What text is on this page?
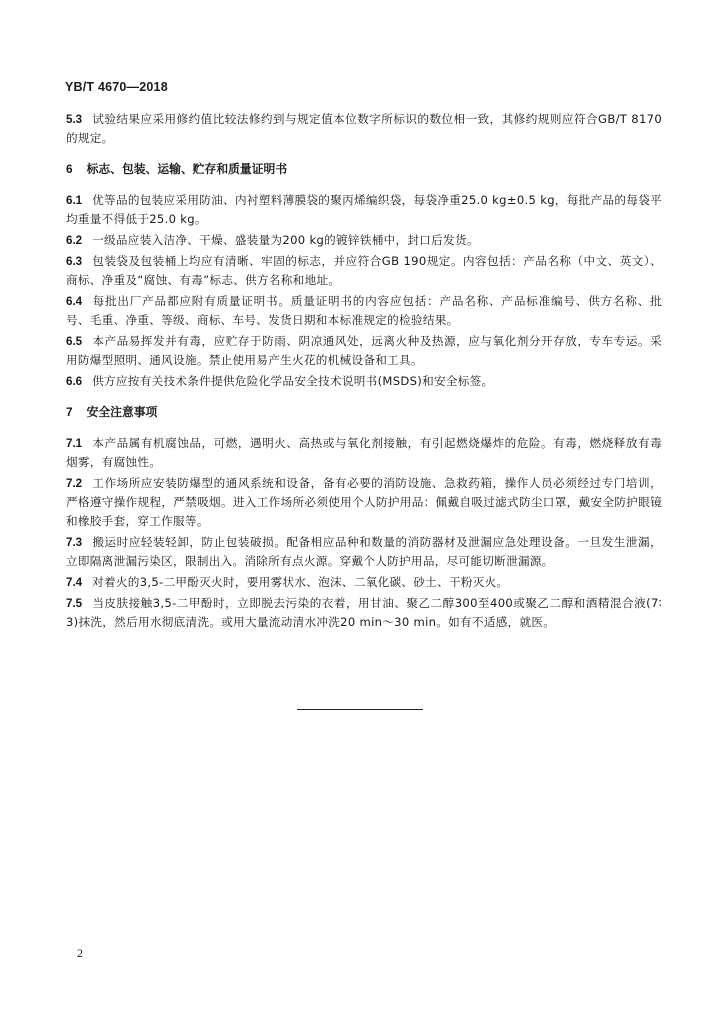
YB/T 4670—2018
5.3 试验结果应采用修约值比较法修约到与规定值本位数字所标识的数位相一致，其修约规则应符合GB/T 8170的规定。
6 标志、包装、运输、贮存和质量证明书
6.1 优等品的包装应采用防油、内衬塑料薄膜袋的聚丙烯编织袋，每袋净重25.0 kg±0.5 kg，每批产品的每袋平均重量不得低于25.0 kg。
6.2 一级品应装入洁净、干燥、盛装量为200 kg的镀锌铁桶中，封口后发货。
6.3 包装袋及包装桶上均应有清晰、牢固的标志，并应符合GB 190规定。内容包括：产品名称（中文、英文）、商标、净重及“腐蚀、有毒”标志、供方名称和地址。
6.4 每批出厂产品都应附有质量证明书。质量证明书的内容应包括：产品名称、产品标准编号、供方名称、批号、毛重、净重、等级、商标、车号、发货日期和本标准规定的检验结果。
6.5 本产品易挥发并有毒，应贮存于防雨、阴凉通风处，远离火种及热源，应与氧化剂分开存放，专车专运。采用防爆型照明、通风设施。禁止使用易产生火花的机械设备和工具。
6.6 供方应按有关技术条件提供危险化学品安全技术说明书(MSDS)和安全标签。
7 安全注意事项
7.1 本产品属有机腐蚀品，可燃，遇明火、高热或与氧化剂接触，有引起燃烧爆炸的危险。有毒，燃烧释放有毒烟雾，有腐蚀性。
7.2 工作场所应安装防爆型的通风系统和设备，备有必要的消防设施、急救药箱，操作人员必须经过专门培训，严格遵守操作规程，严禁吸烟。进入工作场所必须使用个人防护用品：佩戴自吸过滤式防尘口罩，戴安全防护眼镜和橡胶手套，穿工作服等。
7.3 搬运时应轻装轻卸，防止包装破损。配备相应品种和数量的消防器材及泄漏应急处理设备。一旦发生泄漏，立即隔离泄漏污染区，限制出入。消除所有点火源。穿戴个人防护用品，尽可能切断泄漏源。
7.4 对着火的3,5-二甲酚灭火时，要用雾状水、泡沫、二氧化碳、砂土、干粉灭火。
7.5 当皮肤接触3,5-二甲酚时，立即脱去污染的衣着，用甘油、聚乙二醇300至400或聚乙二醇和酒精混合液(7∶3)抹洗，然后用水彻底清洗。或用大量流动清水冲洗20 min～30 min。如有不适感，就医。
2
